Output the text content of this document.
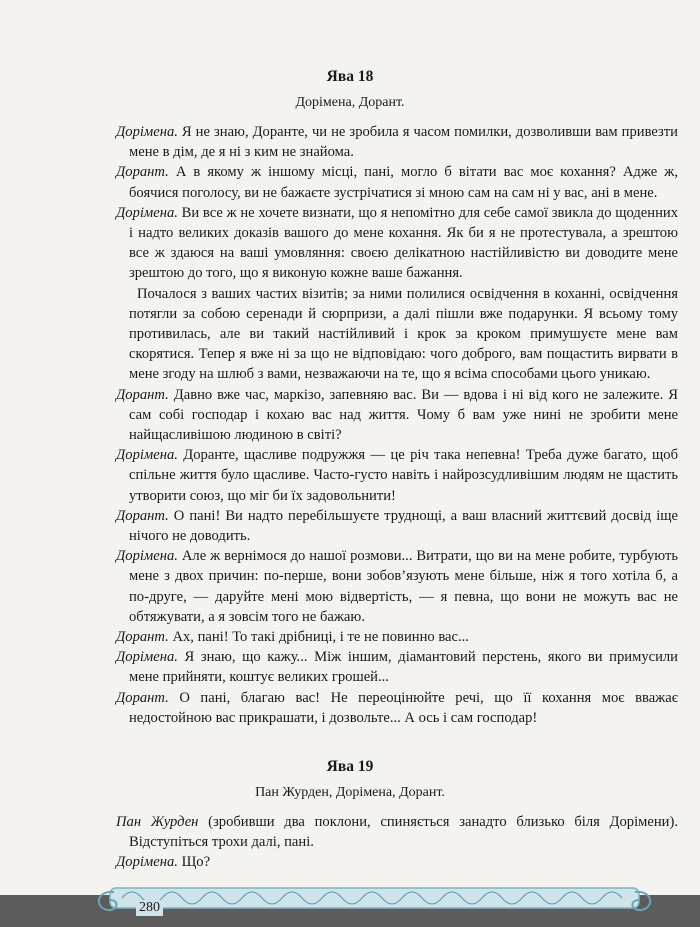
Ява 18
Дорімена, Дорант.

Дорімена. Я не знаю, Доранте, чи не зробила я часом помилки, дозволивши вам привезти мене в дім, де я ні з ким не знайома.

Дорант. А в якому ж іншому місці, пані, могло б вітати вас моє кохання? Адже ж, боячися поголосу, ви не бажаєте зустрічатися зі мною сам на сам ні у вас, ані в мене.

Дорімена. Ви все ж не хочете визнати, що я непомітно для себе самої звикла до щоденних і надто великих доказів вашого до мене кохання. Як би я не протестувала, а зрештою все ж здаюся на ваші умовляння: своєю делікатною настійливістю ви доводите мене зрештою до того, що я виконую кожне ваше бажання.

Почалося з ваших частих візитів; за ними полилися освідчення в коханні, освідчення потягли за собою серенади й сюрпризи, а далі пішли вже подарунки. Я всьому тому противилась, але ви такий настійливий і крок за кроком примушуєте мене вам скорятися. Тепер я вже ні за що не відповідаю: чого доброго, вам пощастить вирвати в мене згоду на шлюб з вами, незважаючи на те, що я всіма способами цього уникаю.

Дорант. Давно вже час, маркізо, запевняю вас. Ви — вдова і ні від кого не залежите. Я сам собі господар і кохаю вас над життя. Чому б вам уже нині не зробити мене найщасливішою людиною в світі?

Дорімена. Доранте, щасливе подружжя — це річ така непевна! Треба дуже багато, щоб спільне життя було щасливе. Часто-густо навіть і найрозсудливішим людям не щастить утворити союз, що міг би їх задовольнити!

Дорант. О пані! Ви надто перебільшуєте труднощі, а ваш власний життєвий досвід іще нічого не доводить.

Дорімена. Але ж вернімося до нашої розмови... Витрати, що ви на мене робите, турбують мене з двох причин: по-перше, вони зобов’язують мене більше, ніж я того хотіла б, а по-друге, — даруйте мені мою відвертість, — я певна, що вони не можуть вас не обтяжувати, а я зовсім того не бажаю.

Дорант. Ах, пані! То такі дрібниці, і те не повинно вас...

Дорімена. Я знаю, що кажу... Між іншим, діамантовий перстень, якого ви примусили мене прийняти, коштує великих грошей...

Дорант. О пані, благаю вас! Не переоцінюйте речі, що її кохання моє вважає недостойною вас прикрашати, і дозвольте... А ось і сам господар!

Ява 19
Пан Журден, Дорімена, Дорант.

Пан Журден (зробивши два поклони, спиняється занадто близько біля Дорімени). Відступіться трохи далі, пані.

Дорімена. Що?

280
